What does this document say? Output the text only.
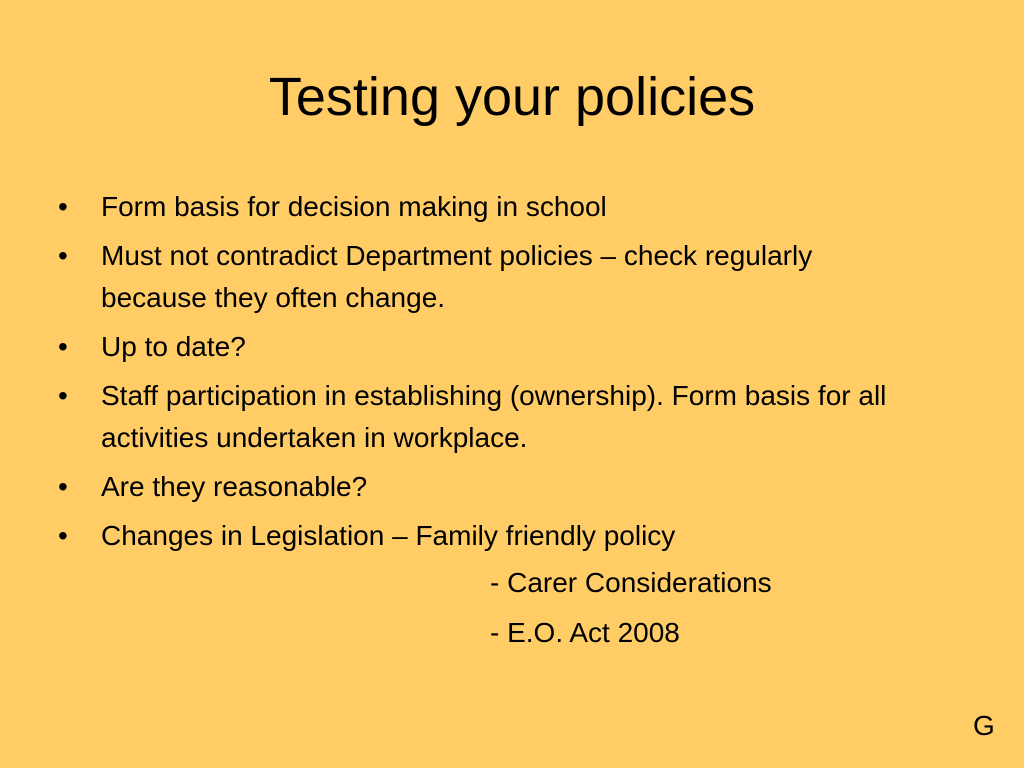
Testing your policies
•	Form basis for decision making in school
•	Must not contradict Department policies – check regularly because they often change.
•	Up to date?
•	Staff participation in establishing (ownership). Form basis for all activities undertaken in workplace.
•	Are they reasonable?
•	Changes in Legislation – Family friendly policy
- Carer Considerations
- E.O. Act 2008
G
